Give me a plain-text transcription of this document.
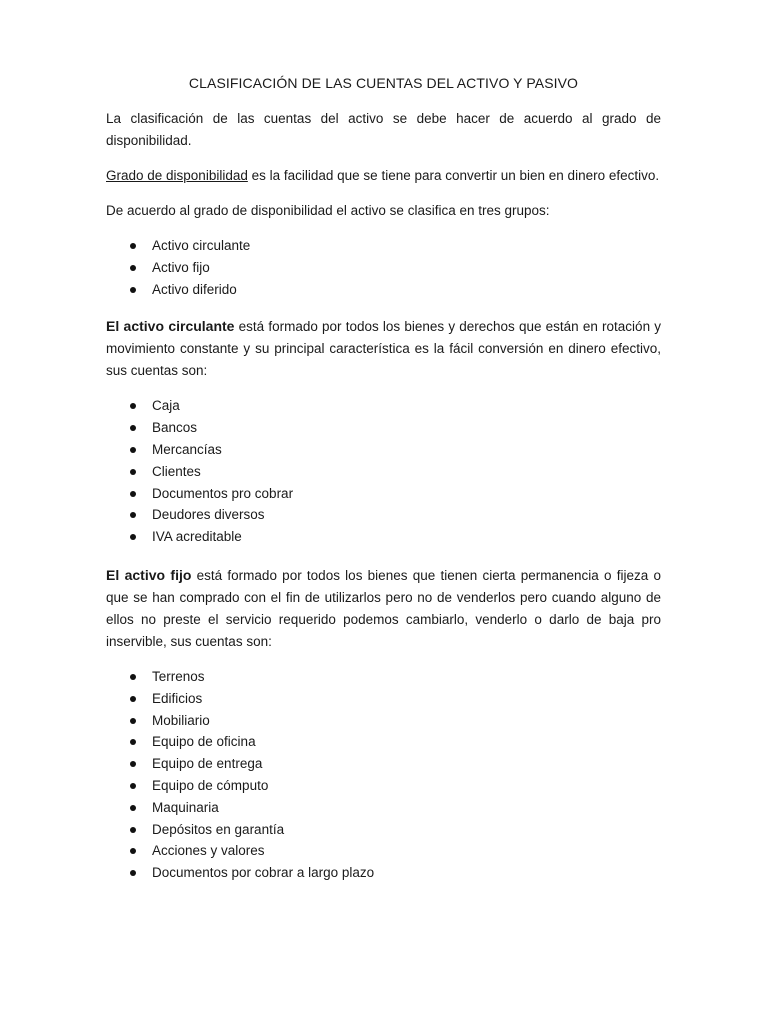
CLASIFICACIÓN DE LAS CUENTAS DEL ACTIVO Y PASIVO

La clasificación de las cuentas del activo se debe hacer de acuerdo al grado de disponibilidad.

Grado de disponibilidad es la facilidad que se tiene para convertir un bien en dinero efectivo.

De acuerdo al grado de disponibilidad el activo se clasifica en tres grupos:

Activo circulante
Activo fijo
Activo diferido

El activo circulante está formado por todos los bienes y derechos que están en rotación y movimiento constante y su principal característica es la fácil conversión en dinero efectivo, sus cuentas son:

Caja
Bancos
Mercancías
Clientes
Documentos pro cobrar
Deudores diversos
IVA acreditable

El activo fijo está formado por todos los bienes que tienen cierta permanencia o fijeza o que se han comprado con el fin de utilizarlos pero no de venderlos pero cuando alguno de ellos no preste el servicio requerido podemos cambiarlo, venderlo o darlo de baja pro inservible, sus cuentas son:

Terrenos
Edificios
Mobiliario
Equipo de oficina
Equipo de entrega
Equipo de cómputo
Maquinaria
Depósitos en garantía
Acciones y valores
Documentos por cobrar a largo plazo
